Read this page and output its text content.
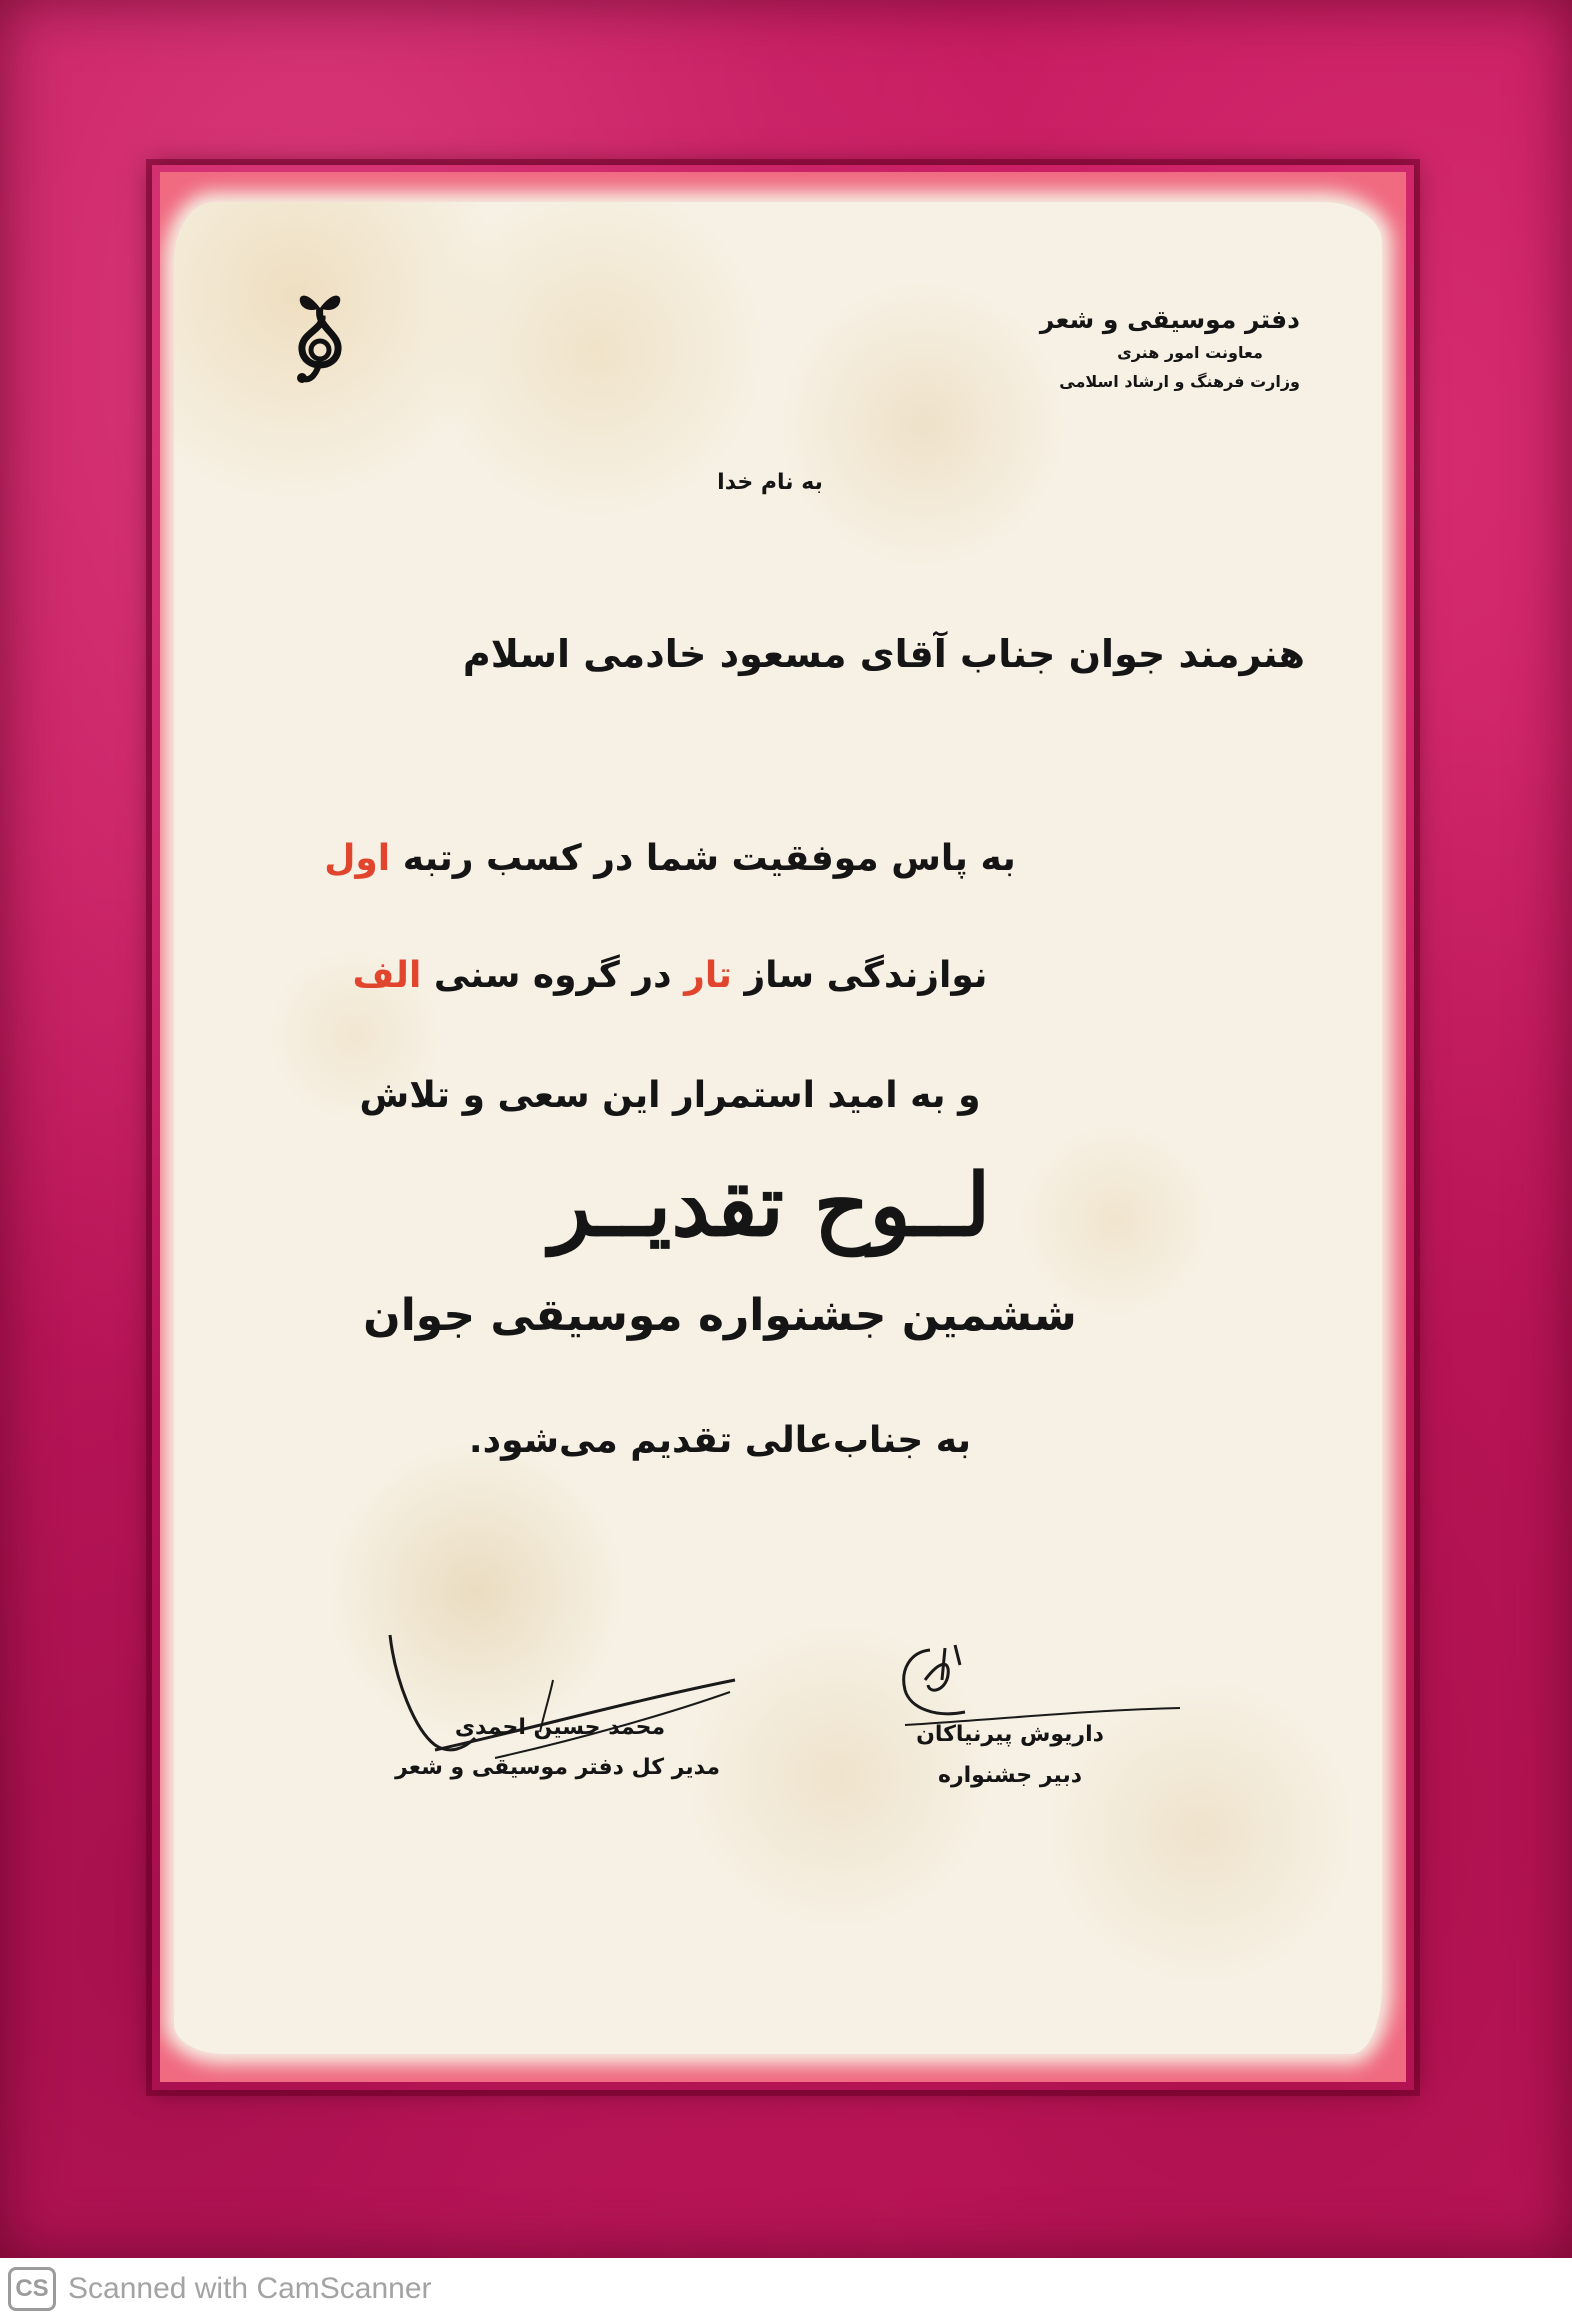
دفتر موسیقی و شعر
معاونت امور هنری
وزارت فرهنگ و ارشاد اسلامی
به نام خدا
هنرمند جوان جناب آقای مسعود خادمی اسلام
به پاس موفقیت شما در کسب رتبه اول
نوازندگی ساز تار در گروه سنی الف
و به امید استمرار این سعی و تلاش
لــوح تقدیــر
ششمین جشنواره موسیقی جوان
به جناب‌عالی تقدیم می‌شود.
محمد حسین احمدی
مدیر کل دفتر موسیقی و شعر
داریوش پیرنیاکان
دبیر جشنواره
CS Scanned with CamScanner
